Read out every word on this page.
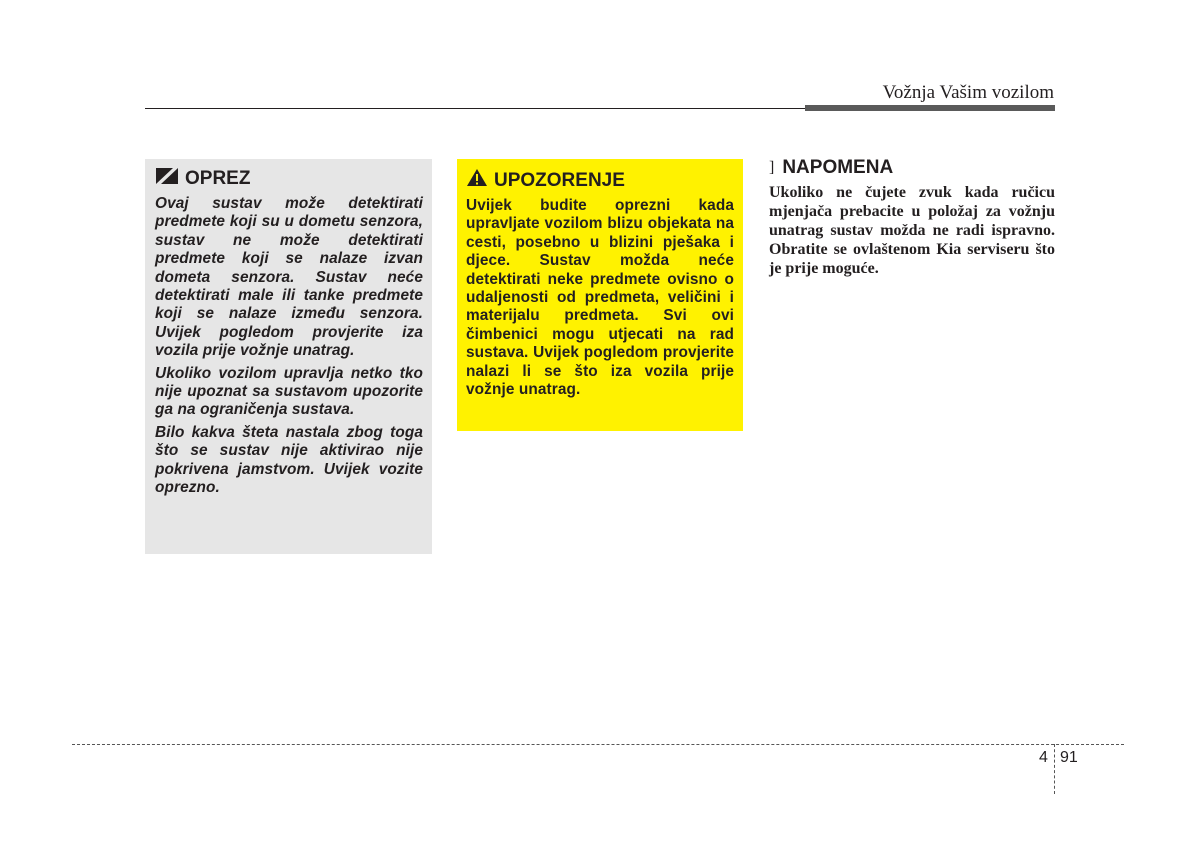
Vožnja Vašim vozilom
OPREZ

Ovaj sustav može detektirati predmete koji su u dometu senzora, sustav ne može detektirati predmete koji se nalaze izvan dometa senzora. Sustav neće detektirati male ili tanke predmete koji se nalaze između senzora. Uvijek pogledom provjerite iza vozila prije vožnje unatrag.

Ukoliko vozilom upravlja netko tko nije upoznat sa sustavom upozorite ga na ograničenja sustava.

Bilo kakva šteta nastala zbog toga što se sustav nije aktivirao nije pokrivena jamstvom. Uvijek vozite oprezno.

UPOZORENJE

Uvijek budite oprezni kada upravljate vozilom blizu objekata na cesti, posebno u blizini pješaka i djece. Sustav možda neće detektirati neke predmete ovisno o udaljenosti od predmeta, veličini i materijalu predmeta. Svi ovi čimbenici mogu utjecati na rad sustava. Uvijek pogledom provjerite nalazi li se što iza vozila prije vožnje unatrag.

] NAPOMENA

Ukoliko ne čujete zvuk kada ručicu mjenjača prebacite u položaj za vožnju unatrag sustav možda ne radi ispravno. Obratite se ovlaštenom Kia serviseru što je prije moguće.

4 91
